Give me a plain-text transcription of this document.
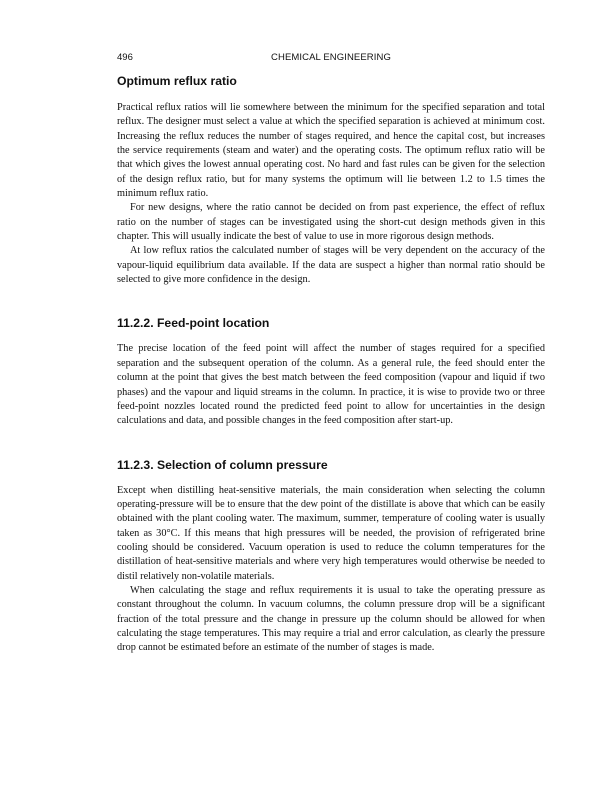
496	CHEMICAL ENGINEERING
Optimum reflux ratio

Practical reflux ratios will lie somewhere between the minimum for the specified separation and total reflux. The designer must select a value at which the specified separation is achieved at minimum cost. Increasing the reflux reduces the number of stages required, and hence the capital cost, but increases the service requirements (steam and water) and the operating costs. The optimum reflux ratio will be that which gives the lowest annual operating cost. No hard and fast rules can be given for the selection of the design reflux ratio, but for many systems the optimum will lie between 1.2 to 1.5 times the minimum reflux ratio.

For new designs, where the ratio cannot be decided on from past experience, the effect of reflux ratio on the number of stages can be investigated using the short-cut design methods given in this chapter. This will usually indicate the best of value to use in more rigorous design methods.

At low reflux ratios the calculated number of stages will be very dependent on the accuracy of the vapour-liquid equilibrium data available. If the data are suspect a higher than normal ratio should be selected to give more confidence in the design.

11.2.2. Feed-point location

The precise location of the feed point will affect the number of stages required for a specified separation and the subsequent operation of the column. As a general rule, the feed should enter the column at the point that gives the best match between the feed composition (vapour and liquid if two phases) and the vapour and liquid streams in the column. In practice, it is wise to provide two or three feed-point nozzles located round the predicted feed point to allow for uncertainties in the design calculations and data, and possible changes in the feed composition after start-up.

11.2.3. Selection of column pressure

Except when distilling heat-sensitive materials, the main consideration when selecting the column operating-pressure will be to ensure that the dew point of the distillate is above that which can be easily obtained with the plant cooling water. The maximum, summer, temperature of cooling water is usually taken as 30°C. If this means that high pressures will be needed, the provision of refrigerated brine cooling should be considered. Vacuum operation is used to reduce the column temperatures for the distillation of heat-sensitive materials and where very high temperatures would otherwise be needed to distil relatively non-volatile materials.

When calculating the stage and reflux requirements it is usual to take the operating pressure as constant throughout the column. In vacuum columns, the column pressure drop will be a significant fraction of the total pressure and the change in pressure up the column should be allowed for when calculating the stage temperatures. This may require a trial and error calculation, as clearly the pressure drop cannot be estimated before an estimate of the number of stages is made.
